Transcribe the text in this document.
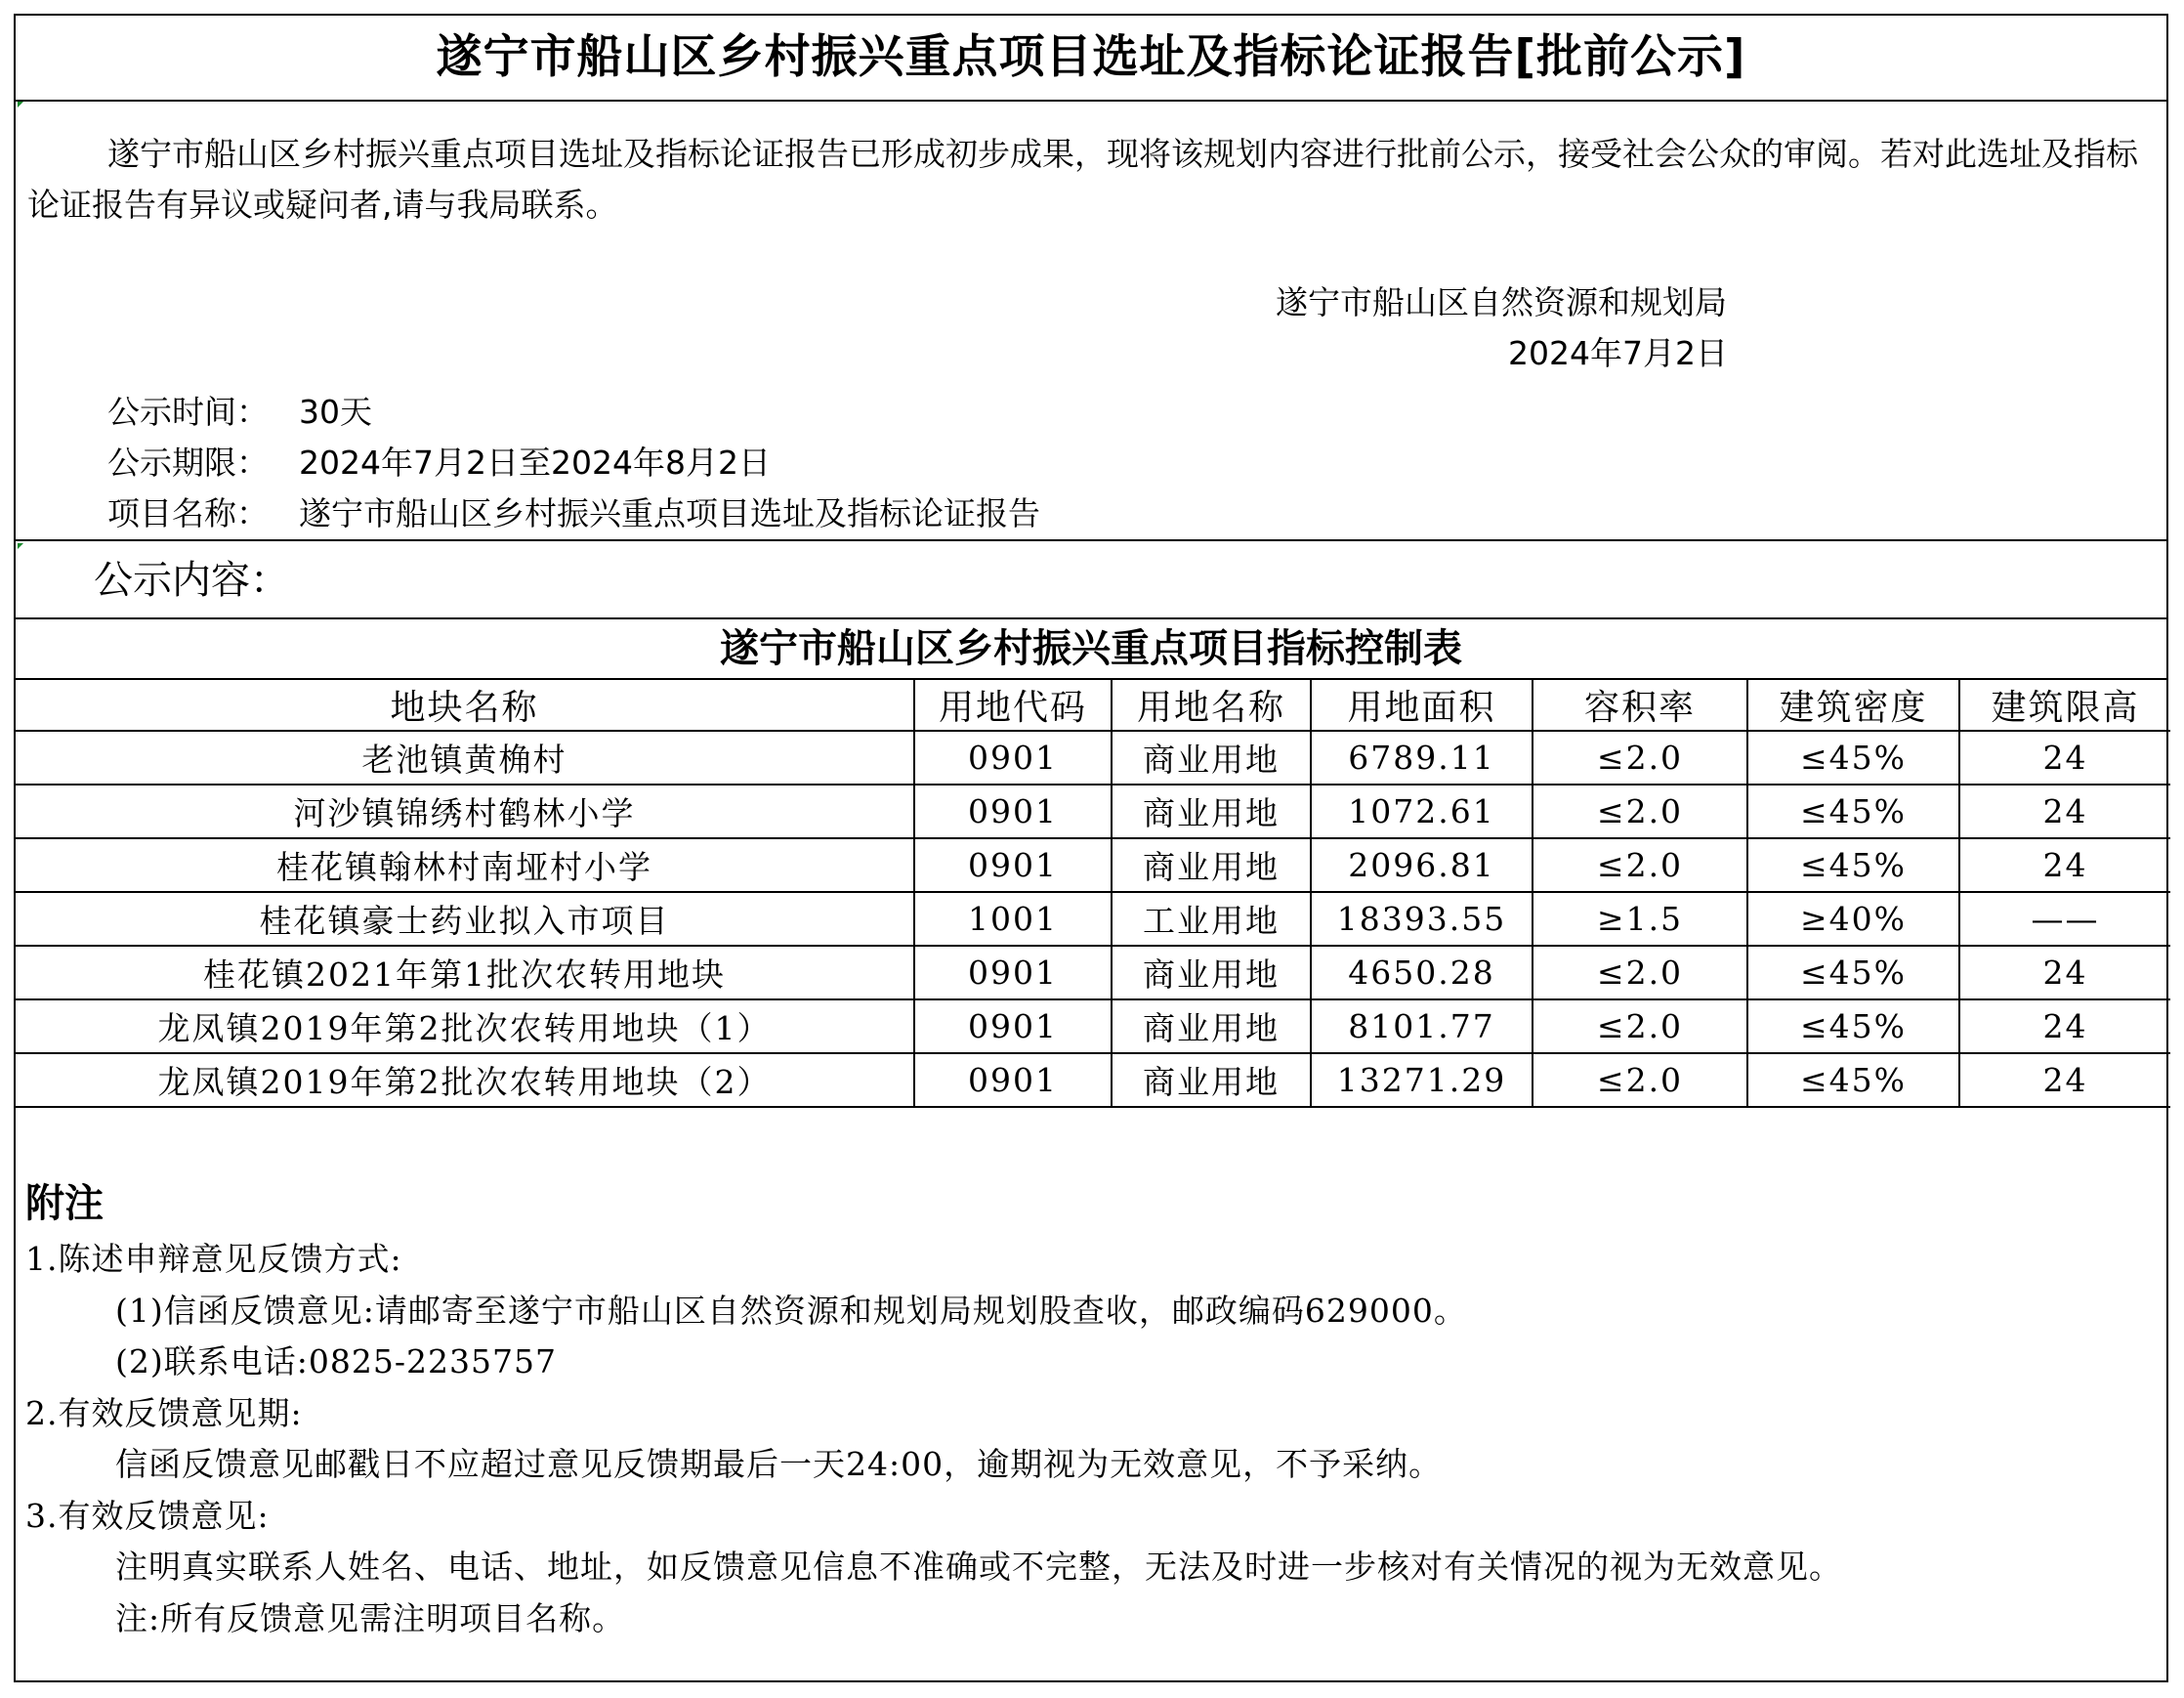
遂宁市船山区乡村振兴重点项目选址及指标论证报告[批前公示]
遂宁市船山区乡村振兴重点项目选址及指标论证报告已形成初步成果，现将该规划内容进行批前公示，接受社会公众的审阅。若对此选址及指标论证报告有异议或疑问者,请与我局联系。
遂宁市船山区自然资源和规划局
2024年7月2日
公示时间： 30天
公示期限： 2024年7月2日至2024年8月2日
项目名称： 遂宁市船山区乡村振兴重点项目选址及指标论证报告
公示内容：
遂宁市船山区乡村振兴重点项目指标控制表
地块名称	用地代码	用地名称	用地面积	容积率	建筑密度	建筑限高
老池镇黄桷村	0901	商业用地	6789.11	≤2.0	≤45%	24
河沙镇锦绣村鹤林小学	0901	商业用地	1072.61	≤2.0	≤45%	24
桂花镇翰林村南垭村小学	0901	商业用地	2096.81	≤2.0	≤45%	24
桂花镇豪士药业拟入市项目	1001	工业用地	18393.55	≥1.5	≥40%	——
桂花镇2021年第1批次农转用地块	0901	商业用地	4650.28	≤2.0	≤45%	24
龙凤镇2019年第2批次农转用地块（1）	0901	商业用地	8101.77	≤2.0	≤45%	24
龙凤镇2019年第2批次农转用地块（2）	0901	商业用地	13271.29	≤2.0	≤45%	24
附注
1.陈述申辩意见反馈方式:
(1)信函反馈意见:请邮寄至遂宁市船山区自然资源和规划局规划股查收，邮政编码629000。
(2)联系电话:0825-2235757
2.有效反馈意见期:
信函反馈意见邮戳日不应超过意见反馈期最后一天24:00，逾期视为无效意见，不予采纳。
3.有效反馈意见:
注明真实联系人姓名、电话、地址，如反馈意见信息不准确或不完整，无法及时进一步核对有关情况的视为无效意见。
注:所有反馈意见需注明项目名称。
